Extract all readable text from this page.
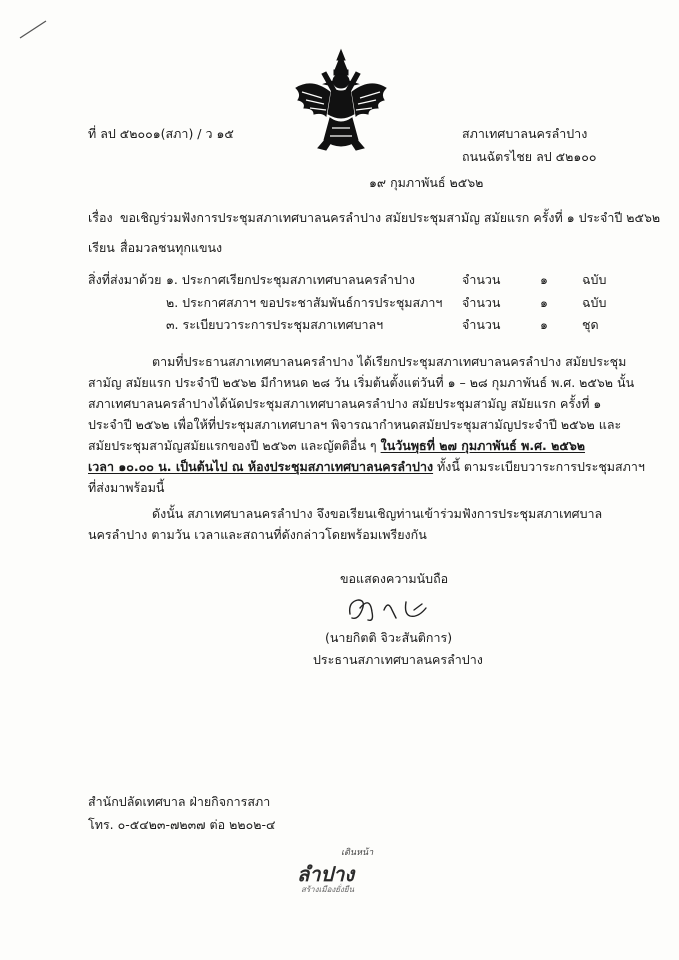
ที่ ลป ๕๒๐๐๑(สภา) / ว ๑๕	สภาเทศบาลนครลำปาง
ถนนฉัตรไชย ลป ๕๒๑๐๐
๑๙ กุมภาพันธ์ ๒๕๖๒
เรื่อง ขอเชิญร่วมฟังการประชุมสภาเทศบาลนครลำปาง สมัยประชุมสามัญ สมัยแรก ครั้งที่ ๑ ประจำปี ๒๕๖๒
เรียน สื่อมวลชนทุกแขนง
สิ่งที่ส่งมาด้วย ๑. ประกาศเรียกประชุมสภาเทศบาลนครลำปาง	จำนวน	๑	ฉบับ
๒. ประกาศสภาฯ ขอประชาสัมพันธ์การประชุมสภาฯ จำนวน	๑	ฉบับ
๓. ระเบียบวาระการประชุมสภาเทศบาลฯ	จำนวน	๑	ชุด
ตามที่ประธานสภาเทศบาลนครลำปาง ได้เรียกประชุมสภาเทศบาลนครลำปาง สมัยประชุม
สามัญ สมัยแรก ประจำปี ๒๕๖๒ มีกำหนด ๒๘ วัน เริ่มต้นตั้งแต่วันที่ ๑ – ๒๘ กุมภาพันธ์ พ.ศ. ๒๕๖๒ นั้น
สภาเทศบาลนครลำปางได้นัดประชุมสภาเทศบาลนครลำปาง สมัยประชุมสามัญ สมัยแรก ครั้งที่ ๑
ประจำปี ๒๕๖๒ เพื่อให้ที่ประชุมสภาเทศบาลฯ พิจารณากำหนดสมัยประชุมสามัญประจำปี ๒๕๖๒ และ
สมัยประชุมสามัญสมัยแรกของปี ๒๕๖๓ และญัตติอื่น ๆ ในวันพุธที่ ๒๗ กุมภาพันธ์ พ.ศ. ๒๕๖๒
เวลา ๑๐.๐๐ น. เป็นต้นไป ณ ห้องประชุมสภาเทศบาลนครลำปาง ทั้งนี้ ตามระเบียบวาระการประชุมสภาฯ
ที่ส่งมาพร้อมนี้
ดังนั้น สภาเทศบาลนครลำปาง จึงขอเรียนเชิญท่านเข้าร่วมฟังการประชุมสภาเทศบาล
นครลำปาง ตามวัน เวลาและสถานที่ดังกล่าวโดยพร้อมเพรียงกัน
ขอแสดงความนับถือ
(นายกิตติ จิวะสันติการ)
ประธานสภาเทศบาลนครลำปาง
สำนักปลัดเทศบาล ฝ่ายกิจการสภา
โทร. ๐-๕๔๒๓-๗๒๓๗ ต่อ ๒๒๐๒-๔
เดินหน้า
ลำปาง
สร้างเมืองยั่งยืน
